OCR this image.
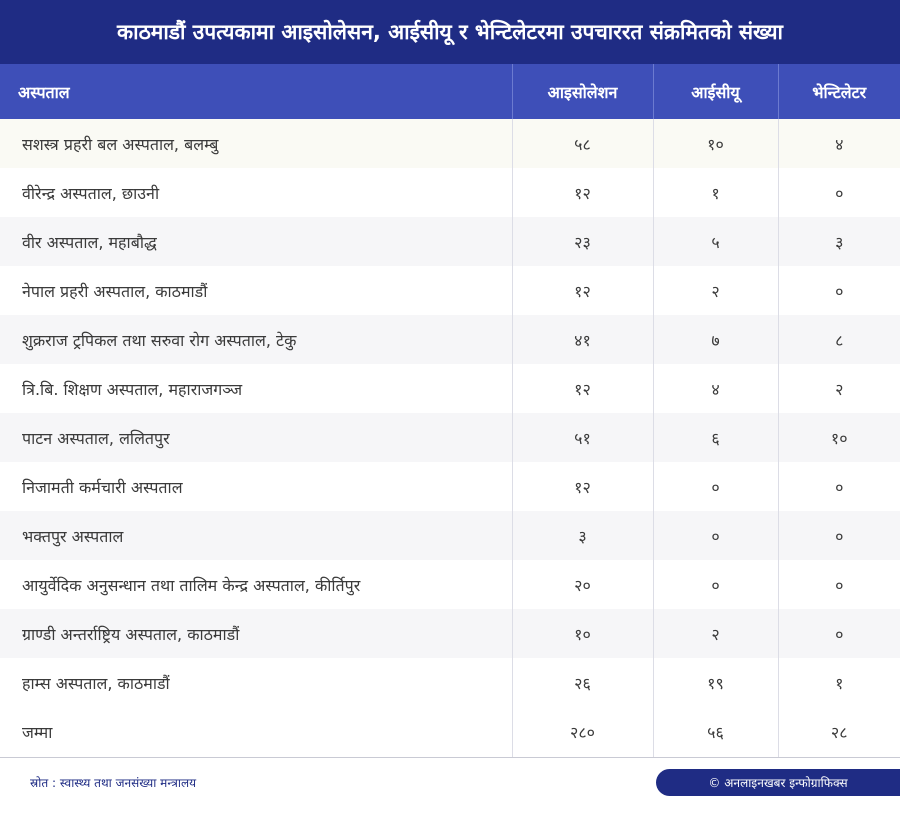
काठमाडौं उपत्यकामा आइसोलेसन, आईसीयू र भेन्टिलेटरमा उपचाररत संक्रमितको संख्या
अस्पताल	आइसोलेशन	आईसीयू	भेन्टिलेटर
सशस्त्र प्रहरी बल अस्पताल, बलम्बु	५८	१०	४
वीरेन्द्र अस्पताल, छाउनी	१२	१	०
वीर अस्पताल, महाबौद्ध	२३	५	३
नेपाल प्रहरी अस्पताल, काठमाडौं	१२	२	०
शुक्रराज ट्रपिकल तथा सरुवा रोग अस्पताल, टेकु	४१	७	८
त्रि.बि. शिक्षण अस्पताल, महाराजगञ्ज	१२	४	२
पाटन अस्पताल, ललितपुर	५१	६	१०
निजामती कर्मचारी अस्पताल	१२	०	०
भक्तपुर अस्पताल	३	०	०
आयुर्वेदिक अनुसन्धान तथा तालिम केन्द्र अस्पताल, कीर्तिपुर	२०	०	०
ग्राण्डी अन्तर्राष्ट्रिय अस्पताल, काठमाडौं	१०	२	०
हाम्स अस्पताल, काठमाडौं	२६	१९	१
जम्मा	२८०	५६	२८
स्रोत : स्वास्थ्य तथा जनसंख्या मन्त्रालय	© अनलाइनखबर इन्फोग्राफिक्स
